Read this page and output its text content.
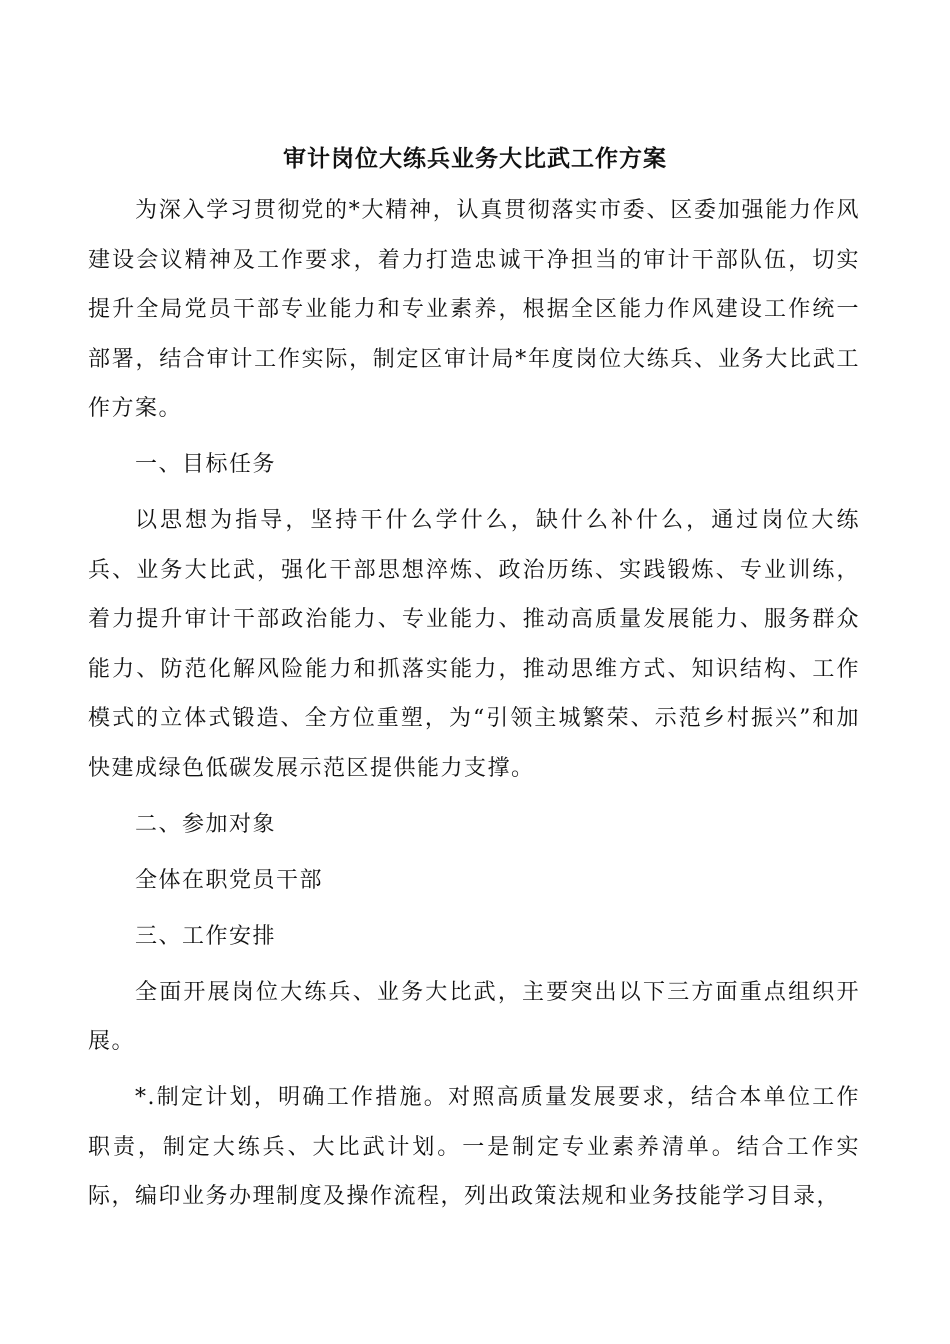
审计岗位大练兵业务大比武工作方案

为深入学习贯彻党的*大精神，认真贯彻落实市委、区委加强能力作风建设会议精神及工作要求，着力打造忠诚干净担当的审计干部队伍，切实提升全局党员干部专业能力和专业素养，根据全区能力作风建设工作统一部署，结合审计工作实际，制定区审计局*年度岗位大练兵、业务大比武工作方案。

一、目标任务

以思想为指导，坚持干什么学什么，缺什么补什么，通过岗位大练兵、业务大比武，强化干部思想淬炼、政治历练、实践锻炼、专业训练，着力提升审计干部政治能力、专业能力、推动高质量发展能力、服务群众能力、防范化解风险能力和抓落实能力，推动思维方式、知识结构、工作模式的立体式锻造、全方位重塑，为“引领主城繁荣、示范乡村振兴”和加快建成绿色低碳发展示范区提供能力支撑。

二、参加对象

全体在职党员干部

三、工作安排

全面开展岗位大练兵、业务大比武，主要突出以下三方面重点组织开展。

*.制定计划，明确工作措施。对照高质量发展要求，结合本单位工作职责，制定大练兵、大比武计划。一是制定专业素养清单。结合工作实际，编印业务办理制度及操作流程，列出政策法规和业务技能学习目录，
